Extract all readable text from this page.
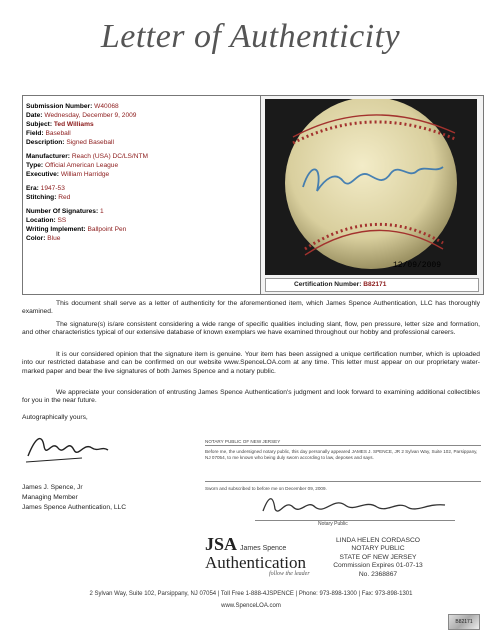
Letter of Authenticity
Submission Number: W40068
Date: Wednesday, December 9, 2009
Subject: Ted Williams
Field: Baseball
Description: Signed Baseball
Manufacturer: Reach (USA) DC/LS/NTM
Type: Official American League
Executive: William Harridge
Era: 1947-53
Stitching: Red
Number Of Signatures: 1
Location: SS
Writing Implement: Ballpoint Pen
Color: Blue
12/09/2009
Certification Number: B82171
This document shall serve as a letter of authenticity for the aforementioned item, which James Spence Authentication, LLC has thoroughly examined.
The signature(s) is/are consistent considering a wide range of specific qualities including slant, flow, pen pressure, letter size and formation, and other characteristics typical of our extensive database of known exemplars we have examined throughout our hobby and professional careers.
It is our considered opinion that the signature item is genuine. Your item has been assigned a unique certification number, which is uploaded into our restricted database and can be confirmed on our website www.SpenceLOA.com at any time. This letter must appear on our proprietary water-marked paper and bear the live signatures of both James Spence and a notary public.
We appreciate your consideration of entrusting James Spence Authentication's judgment and look forward to examining additional collectibles for you in the near future.
Autographically yours,
James J. Spence, Jr
Managing Member
James Spence Authentication, LLC
NOTARY PUBLIC OF NEW JERSEY
Before me, the undersigned notary public, this day personally appeared JAMES J. SPENCE, JR 2 Sylvan Way, Suite 102, Parsippany, NJ 07054, to me known who being duly sworn according to law, deposes and says.
Sworn and subscribed to before me on December 09, 2009.
Notary Public
LINDA HELEN CORDASCO
NOTARY PUBLIC
STATE OF NEW JERSEY
Commission Expires 01-07-13
No. 2368867
JSA James Spence
Authentication
follow the leader
2 Sylvan Way, Suite 102, Parsippany, NJ 07054 | Toll Free 1-888-4JSPENCE | Phone: 973-898-1300 | Fax: 973-898-1301
www.SpenceLOA.com
B82171
